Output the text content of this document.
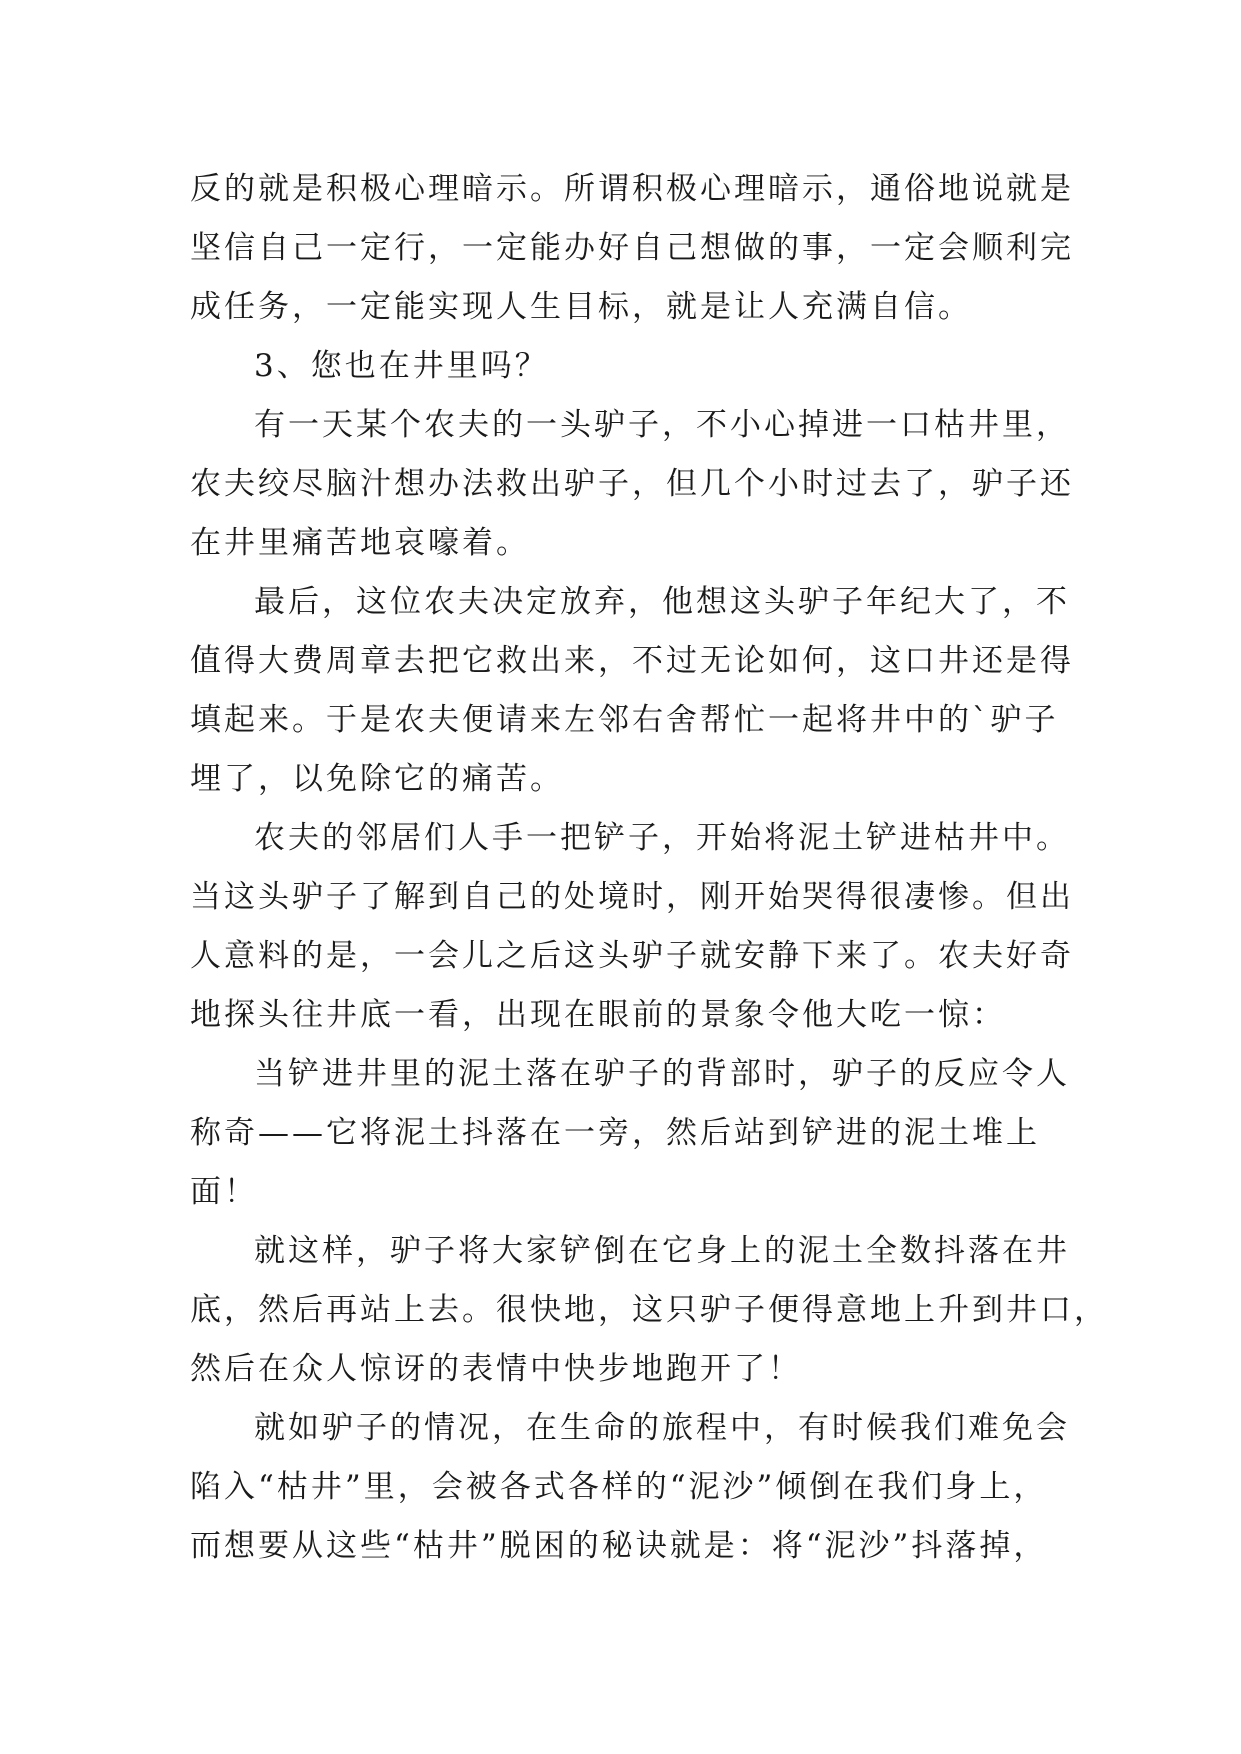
反的就是积极心理暗示。所谓积极心理暗示，通俗地说就是
坚信自己一定行，一定能办好自己想做的事，一定会顺利完
成任务，一定能实现人生目标，就是让人充满自信。
3、您也在井里吗？
有一天某个农夫的一头驴子，不小心掉进一口枯井里，
农夫绞尽脑汁想办法救出驴子，但几个小时过去了，驴子还
在井里痛苦地哀嚎着。
最后，这位农夫决定放弃，他想这头驴子年纪大了，不
值得大费周章去把它救出来，不过无论如何，这口井还是得
填起来。于是农夫便请来左邻右舍帮忙一起将井中的`驴子
埋了，以免除它的痛苦。
农夫的邻居们人手一把铲子，开始将泥土铲进枯井中。
当这头驴子了解到自己的处境时，刚开始哭得很凄惨。但出
人意料的是，一会儿之后这头驴子就安静下来了。农夫好奇
地探头往井底一看，出现在眼前的景象令他大吃一惊：
当铲进井里的泥土落在驴子的背部时，驴子的反应令人
称奇——它将泥土抖落在一旁，然后站到铲进的泥土堆上
面！
就这样，驴子将大家铲倒在它身上的泥土全数抖落在井
底，然后再站上去。很快地，这只驴子便得意地上升到井口，
然后在众人惊讶的表情中快步地跑开了！
就如驴子的情况，在生命的旅程中，有时候我们难免会
陷入“枯井”里，会被各式各样的“泥沙”倾倒在我们身上，
而想要从这些“枯井”脱困的秘诀就是：将“泥沙”抖落掉，
